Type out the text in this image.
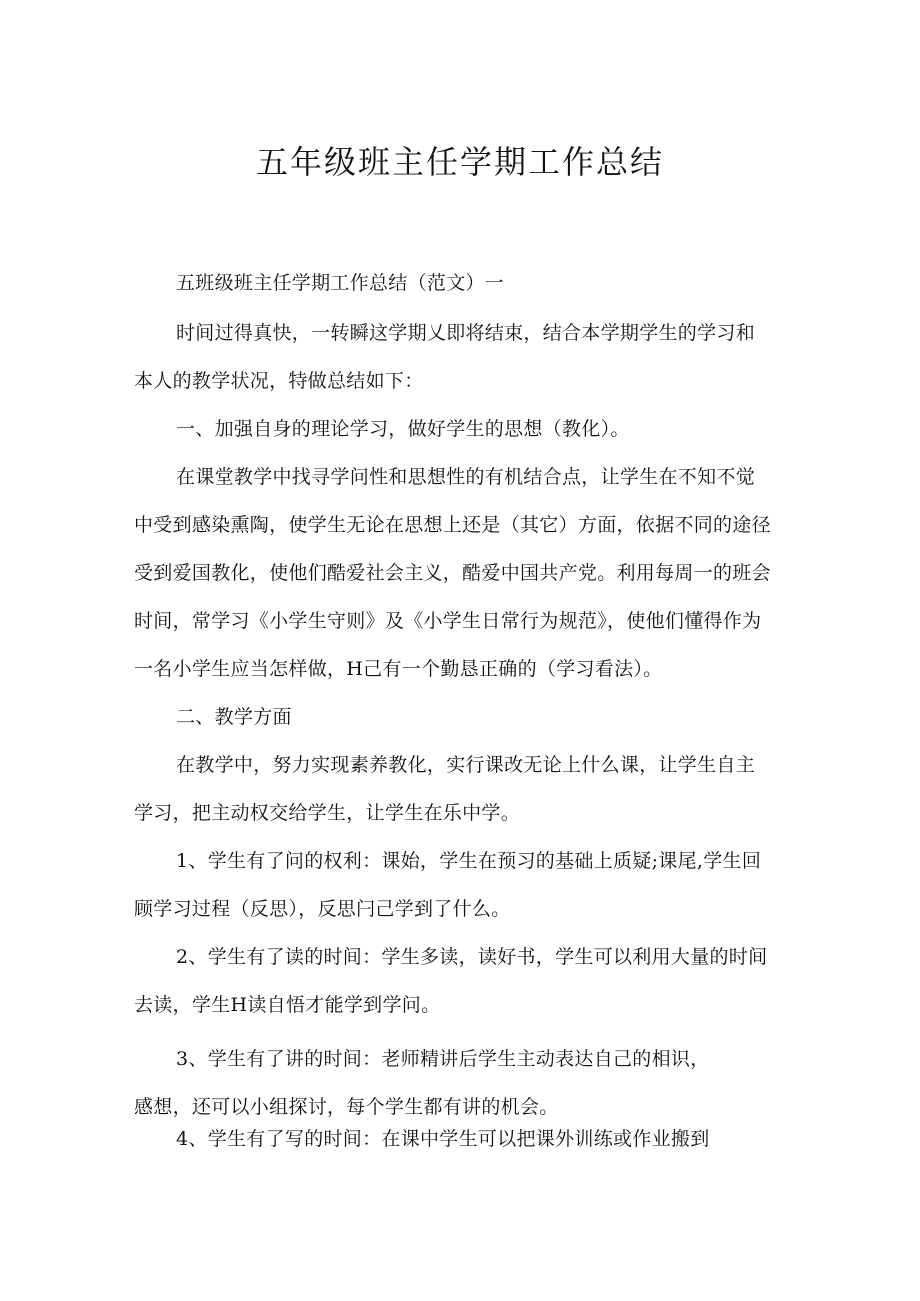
五年级班主任学期工作总结
五班级班主任学期工作总结（范文）一
时间过得真快，一转瞬这学期乂即将结束，结合本学期学生的学习和
本人的教学状况，特做总结如下：
一、加强自身的理论学习，做好学生的思想（教化）。
在课堂教学中找寻学问性和思想性的有机结合点，让学生在不知不觉
中受到感染熏陶，使学生无论在思想上还是（其它）方面，依据不同的途径
受到爱国教化，使他们酷爱社会主义，酷爱中国共产党。利用每周一的班会
时间，常学习《小学生守则》及《小学生日常行为规范》，使他们懂得作为
一名小学生应当怎样做，H己有一个勤恳正确的（学习看法）。
二、教学方面
在教学中，努力实现素养教化，实行课改无论上什么课，让学生自主
学习，把主动权交给学生，让学生在乐中学。
1、学生有了问的权利：课始，学生在预习的基础上质疑;课尾,学生回
顾学习过程（反思），反思闩己学到了什么。
2、学生有了读的时间：学生多读，读好书，学生可以利用大量的时间
去读，学生H读自悟才能学到学问。
3、学生有了讲的时间：老师精讲后学生主动表达自己的相识，
感想，还可以小组探讨，每个学生都有讲的机会。
4、学生有了写的时间：在课中学生可以把课外训练或作业搬到
